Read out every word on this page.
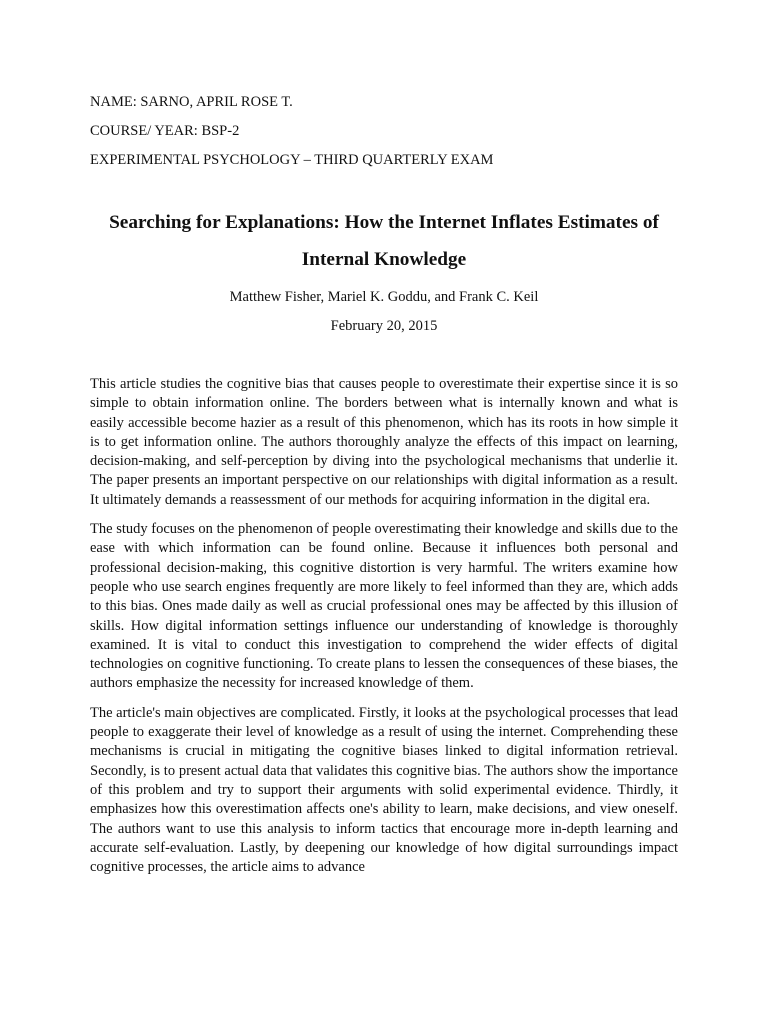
NAME: SARNO, APRIL ROSE T.
COURSE/ YEAR: BSP-2
EXPERIMENTAL PSYCHOLOGY – THIRD QUARTERLY EXAM
Searching for Explanations: How the Internet Inflates Estimates of Internal Knowledge
Matthew Fisher, Mariel K. Goddu, and Frank C. Keil
February 20, 2015

This article studies the cognitive bias that causes people to overestimate their expertise since it is so simple to obtain information online. The borders between what is internally known and what is easily accessible become hazier as a result of this phenomenon, which has its roots in how simple it is to get information online. The authors thoroughly analyze the effects of this impact on learning, decision-making, and self-perception by diving into the psychological mechanisms that underlie it. The paper presents an important perspective on our relationships with digital information as a result. It ultimately demands a reassessment of our methods for acquiring information in the digital era.

The study focuses on the phenomenon of people overestimating their knowledge and skills due to the ease with which information can be found online. Because it influences both personal and professional decision-making, this cognitive distortion is very harmful. The writers examine how people who use search engines frequently are more likely to feel informed than they are, which adds to this bias. Ones made daily as well as crucial professional ones may be affected by this illusion of skills. How digital information settings influence our understanding of knowledge is thoroughly examined. It is vital to conduct this investigation to comprehend the wider effects of digital technologies on cognitive functioning. To create plans to lessen the consequences of these biases, the authors emphasize the necessity for increased knowledge of them.

The article's main objectives are complicated. Firstly, it looks at the psychological processes that lead people to exaggerate their level of knowledge as a result of using the internet. Comprehending these mechanisms is crucial in mitigating the cognitive biases linked to digital information retrieval. Secondly, is to present actual data that validates this cognitive bias. The authors show the importance of this problem and try to support their arguments with solid experimental evidence. Thirdly, it emphasizes how this overestimation affects one's ability to learn, make decisions, and view oneself. The authors want to use this analysis to inform tactics that encourage more in-depth learning and accurate self-evaluation. Lastly, by deepening our knowledge of how digital surroundings impact cognitive processes, the article aims to advance
